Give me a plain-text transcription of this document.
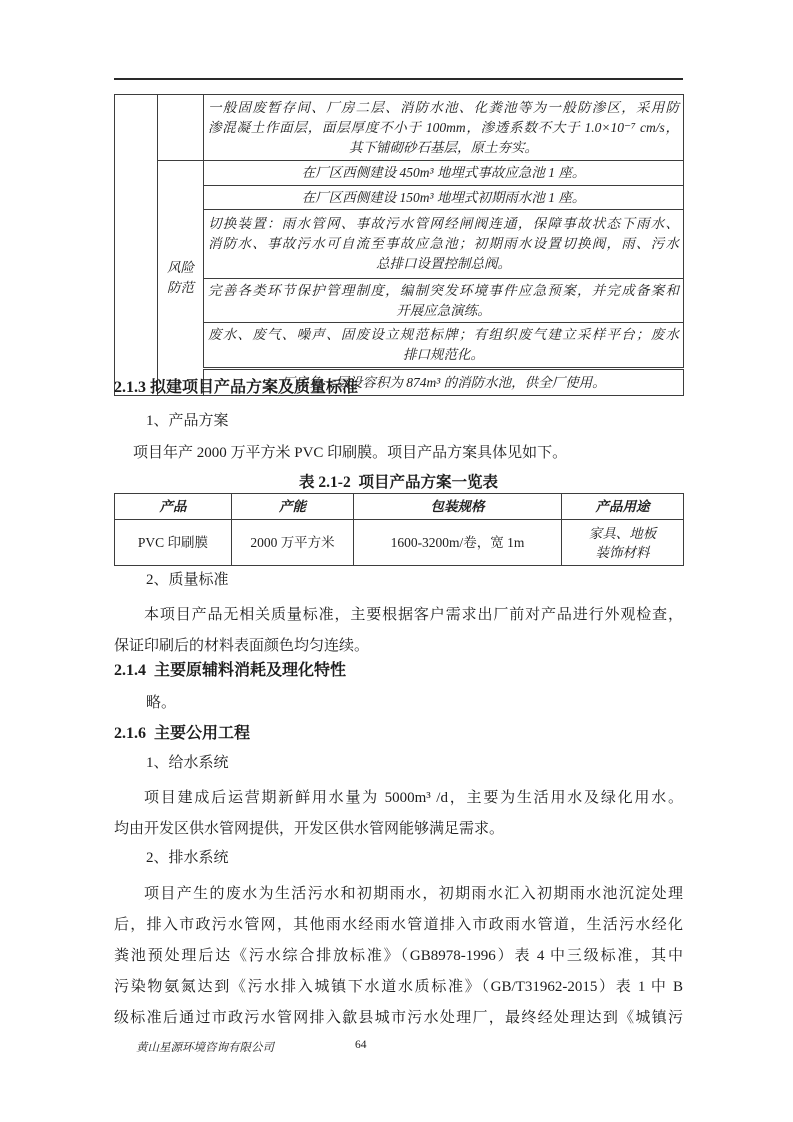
		一般固废暂存间、厂房二层、消防水池、化粪池等为一般防渗区，采用防
渗混凝土作面层，面层厚度不小于 100mm，渗透系数不大于 1.0×10⁻⁷ cm/s，
其下铺砌砂石基层，原土夯实。

	风险防范	在厂区西侧建设 450m³ 地埋式事故应急池 1 座。

		在厂区西侧建设 150m³ 地埋式初期雨水池 1 座。

		切换装置：雨水管网、事故污水管网经闸阀连通，保障事故状态下雨水、
消防水、事故污水可自流至事故应急池；初期雨水设置切换阀，雨、污水
总排口设置控制总阀。

		完善各类环节保护管理制度，编制突发环境事件应急预案，并完成备案和
开展应急演练。

		废水、废气、噪声、固废设立规范标牌；有组织废气建立采样平台；废水
排口规范化。

		厂房负一层设容积为 874m³ 的消防水池，供全厂使用。
2.1.3 拟建项目产品方案及质量标准
1、产品方案
项目年产 2000 万平方米 PVC 印刷膜。项目产品方案具体见如下。
表 2.1-2  项目产品方案一览表
产品	产能	包装规格	产品用途
PVC 印刷膜	2000 万平方米	1600-3200m/卷，宽 1m	家具、地板
装饰材料
2、质量标准
本项目产品无相关质量标准，主要根据客户需求出厂前对产品进行外观检查，
保证印刷后的材料表面颜色均匀连续。
2.1.4  主要原辅料消耗及理化特性
略。
2.1.6  主要公用工程
1、给水系统
项目建成后运营期新鲜用水量为 5000m³ /d，主要为生活用水及绿化用水。
均由开发区供水管网提供，开发区供水管网能够满足需求。
2、排水系统
项目产生的废水为生活污水和初期雨水，初期雨水汇入初期雨水池沉淀处理
后，排入市政污水管网，其他雨水经雨水管道排入市政雨水管道，生活污水经化
粪池预处理后达《污水综合排放标准》（GB8978-1996）表 4 中三级标准，其中
污染物氨氮达到《污水排入城镇下水道水质标准》（GB/T31962-2015）表 1 中 B
级标准后通过市政污水管网排入歙县城市污水处理厂，最终经处理达到《城镇污
黄山星源环境咨询有限公司	64
